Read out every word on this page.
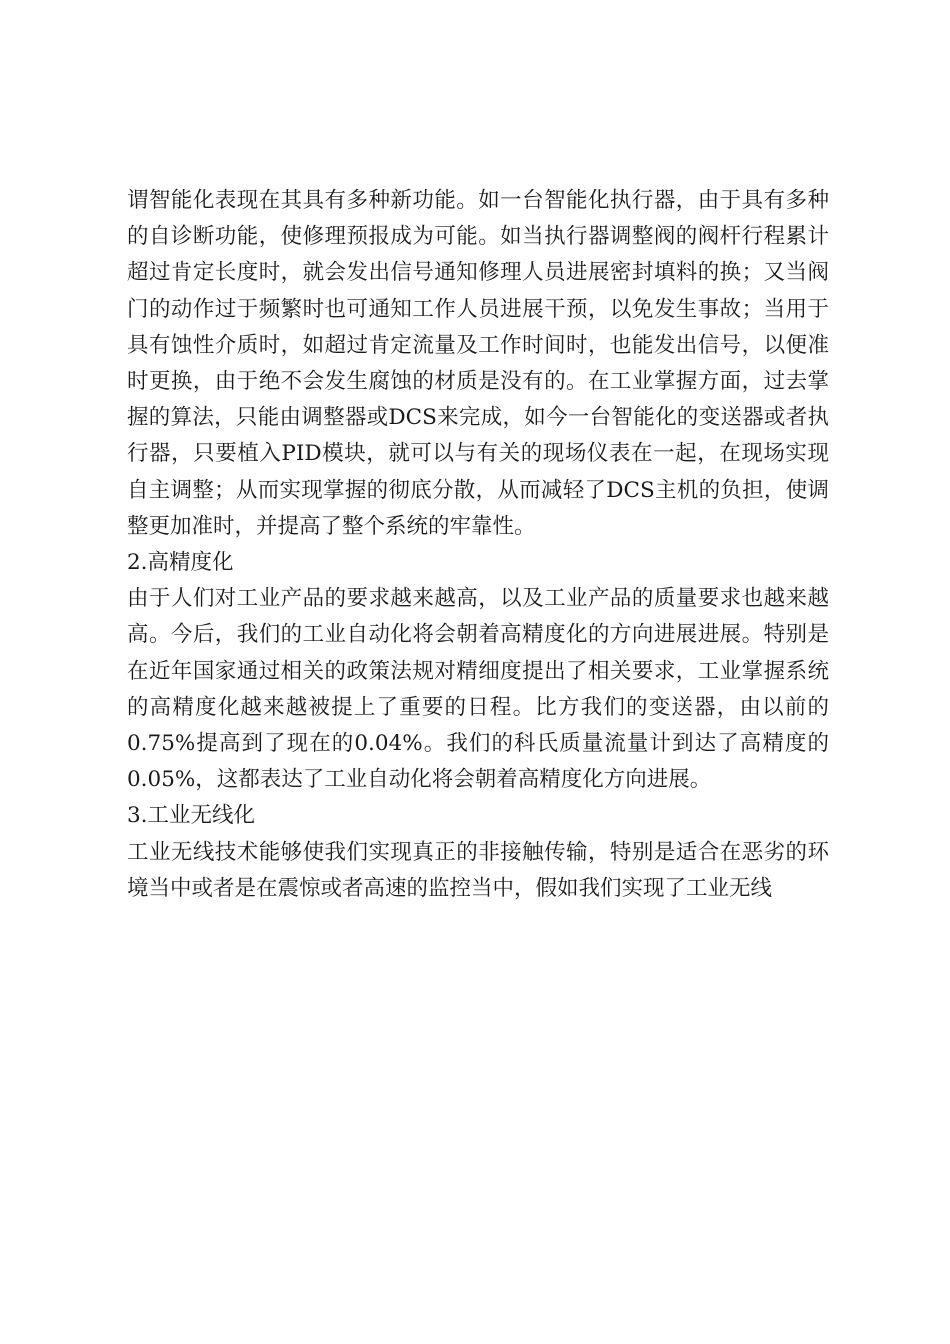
谓智能化表现在其具有多种新功能。如一台智能化执行器，由于具有多种的自诊断功能，使修理预报成为可能。如当执行器调整阀的阀杆行程累计超过肯定长度时，就会发出信号通知修理人员进展密封填料的换；又当阀门的动作过于频繁时也可通知工作人员进展干预，以免发生事故；当用于具有蚀性介质时，如超过肯定流量及工作时间时，也能发出信号，以便准时更换，由于绝不会发生腐蚀的材质是没有的。在工业掌握方面，过去掌握的算法，只能由调整器或DCS来完成，如今一台智能化的变送器或者执行器，只要植入PID模块，就可以与有关的现场仪表在一起，在现场实现自主调整；从而实现掌握的彻底分散，从而减轻了DCS主机的负担，使调整更加准时，并提高了整个系统的牢靠性。

2.高精度化

由于人们对工业产品的要求越来越高，以及工业产品的质量要求也越来越高。今后，我们的工业自动化将会朝着高精度化的方向进展进展。特别是在近年国家通过相关的政策法规对精细度提出了相关要求，工业掌握系统的高精度化越来越被提上了重要的日程。比方我们的变送器，由以前的0.75%提高到了现在的0.04%。我们的科氏质量流量计到达了高精度的0.05%，这都表达了工业自动化将会朝着高精度化方向进展。

3.工业无线化

工业无线技术能够使我们实现真正的非接触传输，特别是适合在恶劣的环境当中或者是在震惊或者高速的监控当中，假如我们实现了工业无线
